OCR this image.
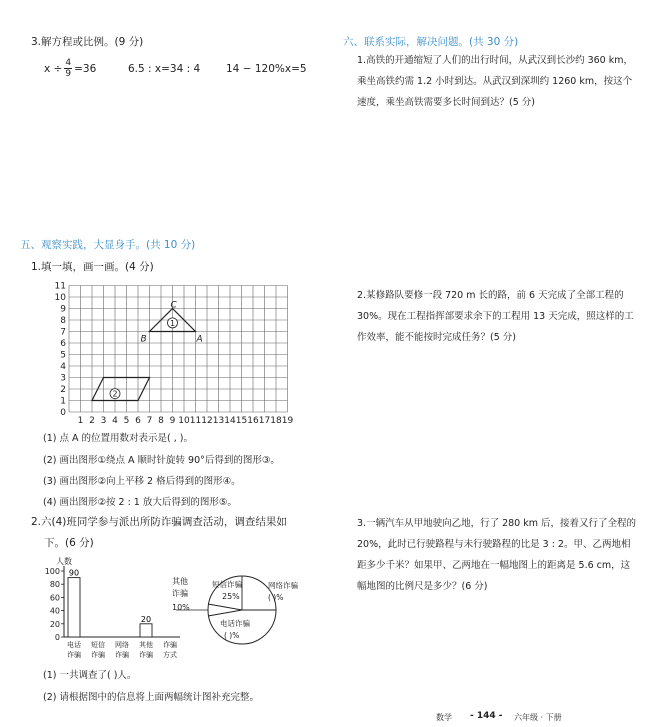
3.解方程或比例。(9 分)
$x \div \frac{4}{9} =36$	6.5 : x=34 : 4 14 − 120%x=5
五、观察实践，大显身手。(共 10 分)
1.填一填，画一画。(4 分)
0
1
2
3
4
5
6
7
8
9
10
11
1 2 3 4 5 6 7 8 9 10 11 12 13 14 15 16 17 18 19
1
2
A
B
C
(1) 点 A 的位置用数对表示是( , )。
(2) 画出图形①绕点 A 顺时针旋转 90°后得到的图形③。
(3) 画出图形②向上平移 2 格后得到的图形④。
(4) 画出图形②按 2 : 1 放大后得到的图形⑤。
2.六(4)班同学参与派出所防诈骗调查活动，调查结果如
下。(6 分)
人数
0
20
40
60
80
100 90
20
电话
诈骗
短信
诈骗
网络
诈骗
其他
诈骗
诈骗
方式
其他
诈骗
10%
短信诈骗
25%
网络诈骗
( )%
电话诈骗
( )%
(1) 一共调查了( )人。
(2) 请根据图中的信息将上面两幅统计图补充完整。
六、联系实际，解决问题。(共 30 分)
1.高铁的开通缩短了人们的出行时间，从武汉到长沙约 360 km，乘坐高铁约需 1.2 小时到达。从武汉到深圳约 1260 km，按这个速度，乘坐高铁需要多长时间到达？(5 分)
2.某修路队要修一段 720 m 长的路，前 6 天完成了全部工程的 30%。现在工程指挥部要求余下的工程用 13 天完成，照这样的工作效率，能不能按时完成任务？(5 分)
3.一辆汽车从甲地驶向乙地，行了 280 km 后，接着又行了全程的 20%，此时已行驶路程与未行驶路程的比是 3 : 2。甲、乙两地相距多少千米？如果甲、乙两地在一幅地图上的距离是 5.6 cm，这幅地图的比例尺是多少？(6 分)
数学 - 144 - 六年级 · 下册
